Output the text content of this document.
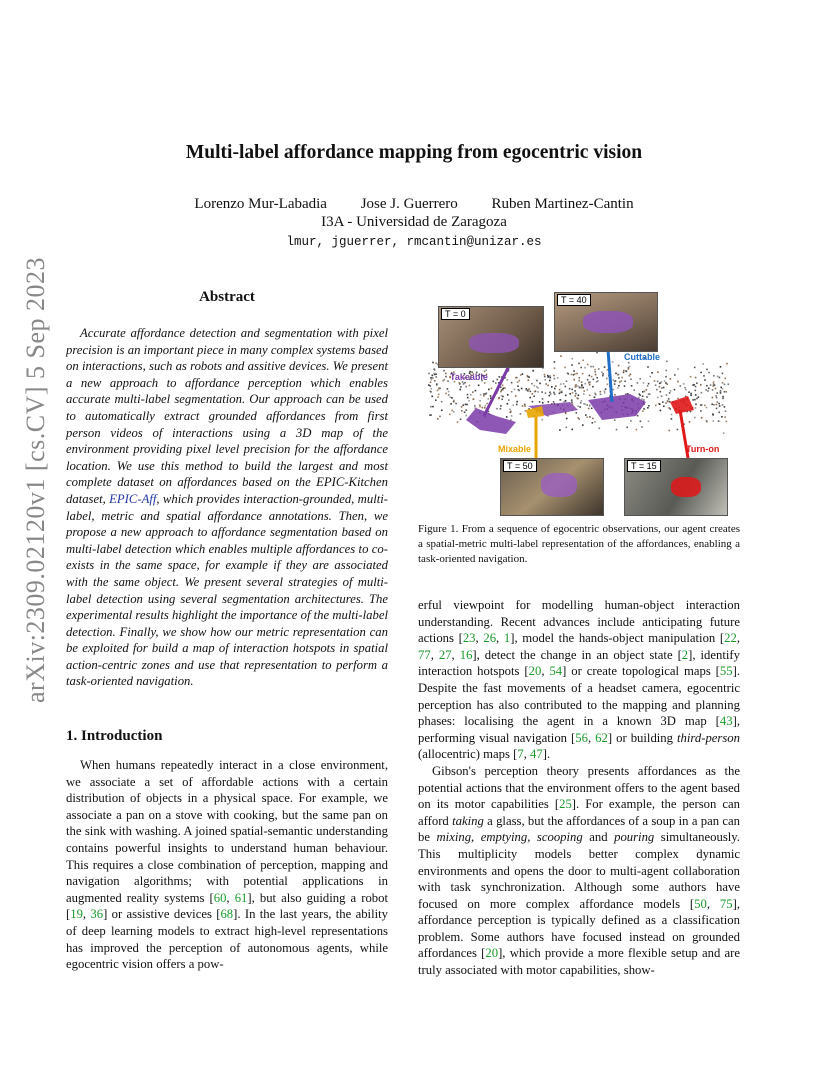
Multi-label affordance mapping from egocentric vision
Lorenzo Mur-Labadia Jose J. Guerrero Ruben Martinez-Cantin
I3A - Universidad de Zaragoza
lmur, jguerrer, rmcantin@unizar.es
arXiv:2309.02120v1 [cs.CV] 5 Sep 2023	Abstract
Accurate affordance detection and segmentation with pixel precision is an important piece in many complex systems based on interactions, such as robots and assitive devices. We present a new approach to affordance perception which enables accurate multi-label segmentation. Our approach can be used to automatically extract grounded affordances from first person videos of interactions using a 3D map of the environment providing pixel level precision for the affordance location. We use this method to build the largest and most complete dataset on affordances based on the EPIC-Kitchen dataset, EPIC-Aff, which provides interaction-grounded, multi-label, metric and spatial affordance annotations. Then, we propose a new approach to affordance segmentation based on multi-label detection which enables multiple affordances to co-exists in the same space, for example if they are associated with the same object. We present several strategies of multi-label detection using several segmentation architectures. The experimental results highlight the importance of the multi-label detection. Finally, we show how our metric representation can be exploited for build a map of interaction hotspots in spatial action-centric zones and use that representation to perform a task-oriented navigation.
1. Introduction
When humans repeatedly interact in a close environment, we associate a set of affordable actions with a certain distribution of objects in a physical space. For example, we associate a pan on a stove with cooking, but the same pan on the sink with washing. A joined spatial-semantic understanding contains powerful insights to understand human behaviour. This requires a close combination of perception, mapping and navigation algorithms; with potential applications in augmented reality systems [60, 61], but also guiding a robot [19, 36] or assistive devices [68]. In the last years, the ability of deep learning models to extract high-level representations has improved the perception of autonomous agents, while egocentric vision offers a pow-
T = 0
T = 40
T = 50	T = 15
Takeable
Cuttable
Mixable	Turn-on
Figure 1. From a sequence of egocentric observations, our agent creates a spatial-metric multi-label representation of the affordances, enabling a task-oriented navigation.

erful viewpoint for modelling human-object interaction understanding. Recent advances include anticipating future actions [23, 26, 1], model the hands-object manipulation [22, 77, 27, 16], detect the change in an object state [2], identify interaction hotspots [20, 54] or create topological maps [55]. Despite the fast movements of a headset camera, egocentric perception has also contributed to the mapping and planning phases: localising the agent in a known 3D map [43], performing visual navigation [56, 62] or building third-person (allocentric) maps [7, 47].

Gibson's perception theory presents affordances as the potential actions that the environment offers to the agent based on its motor capabilities [25]. For example, the person can afford taking a glass, but the affordances of a soup in a pan can be mixing, emptying, scooping and pouring simultaneously. This multiplicity models better complex dynamic environments and opens the door to multi-agent collaboration with task synchronization. Although some authors have focused on more complex affordance models [50, 75], affordance perception is typically defined as a classification problem. Some authors have focused instead on grounded affordances [20], which provide a more flexible setup and are truly associated with motor capabilities, show-
